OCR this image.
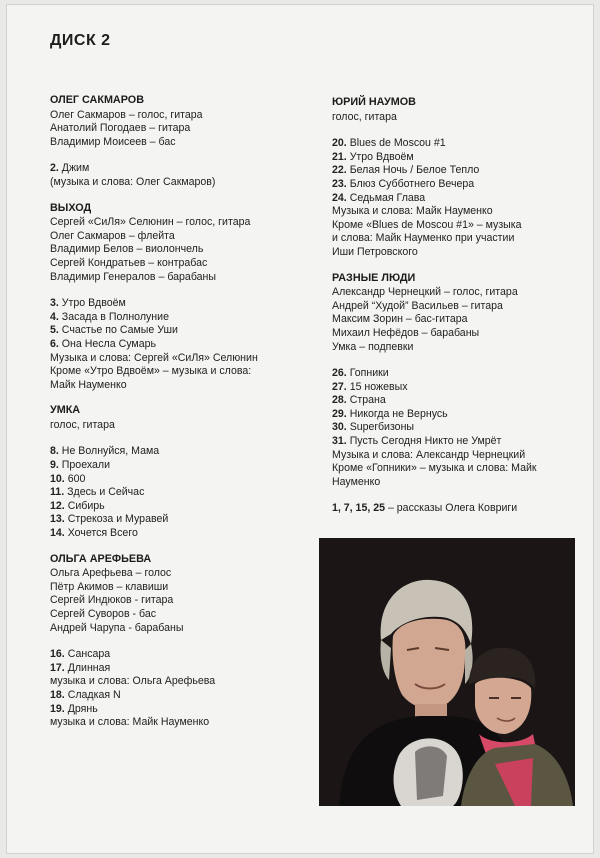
ДИСК 2
ОЛЕГ САКМАРОВ
Олег Сакмаров – голос, гитара
Анатолий Погодаев – гитара
Владимир Моисеев – бас
2. Джим
(музыка и слова: Олег Сакмаров)
ВЫХОД
Сергей «СиЛя» Селюнин – голос, гитара
Олег Сакмаров – флейта
Владимир Белов – виолончель
Сергей Кондратьев – контрабас
Владимир Генералов – барабаны
3. Утро Вдвоём
4. Засада в Полнолуние
5. Счастье по Самые Уши
6. Она Несла Сумарь
Музыка и слова: Сергей «СиЛя» Селюнин
Кроме «Утро Вдвоём» – музыка и слова:
Майк Науменко
УМКА
голос, гитара
8. Не Волнуйся, Мама
9. Проехали
10. 600
11. Здесь и Сейчас
12. Сибирь
13. Стрекоза и Муравей
14. Хочется Всего
ОЛЬГА АРЕФЬЕВА
Ольга Арефьева – голос
Пётр Акимов – клавиши
Сергей Индюков - гитара
Сергей Суворов - бас
Андрей Чарупа - барабаны
16. Сансара
17. Длинная
музыка и слова: Ольга Арефьева
18. Сладкая N
19. Дрянь
музыка и слова: Майк Науменко
ЮРИЙ НАУМОВ
голос, гитара
20. Blues de Moscou #1
21. Утро Вдвоём
22. Белая Ночь / Белое Тепло
23. Блюз Субботнего Вечера
24. Седьмая Глава
Музыка и слова: Майк Науменко
Кроме «Blues de Moscou #1» – музыка
и слова: Майк Науменко при участии
Иши Петровского
РАЗНЫЕ ЛЮДИ
Александр Чернецкий – голос, гитара
Андрей “Худой” Васильев – гитара
Максим Зорин – бас-гитара
Михаил Нефёдов – барабаны
Умка – подпевки
26. Гопники
27. 15 ножевых
28. Страна
29. Никогда не Вернусь
30. Superбизоны
31. Пусть Сегодня Никто не Умрёт
Музыка и слова: Александр Чернецкий
Кроме «Гопники» – музыка и слова: Майк
Науменко
1, 7, 15, 25 – рассказы Олега Ковриги
